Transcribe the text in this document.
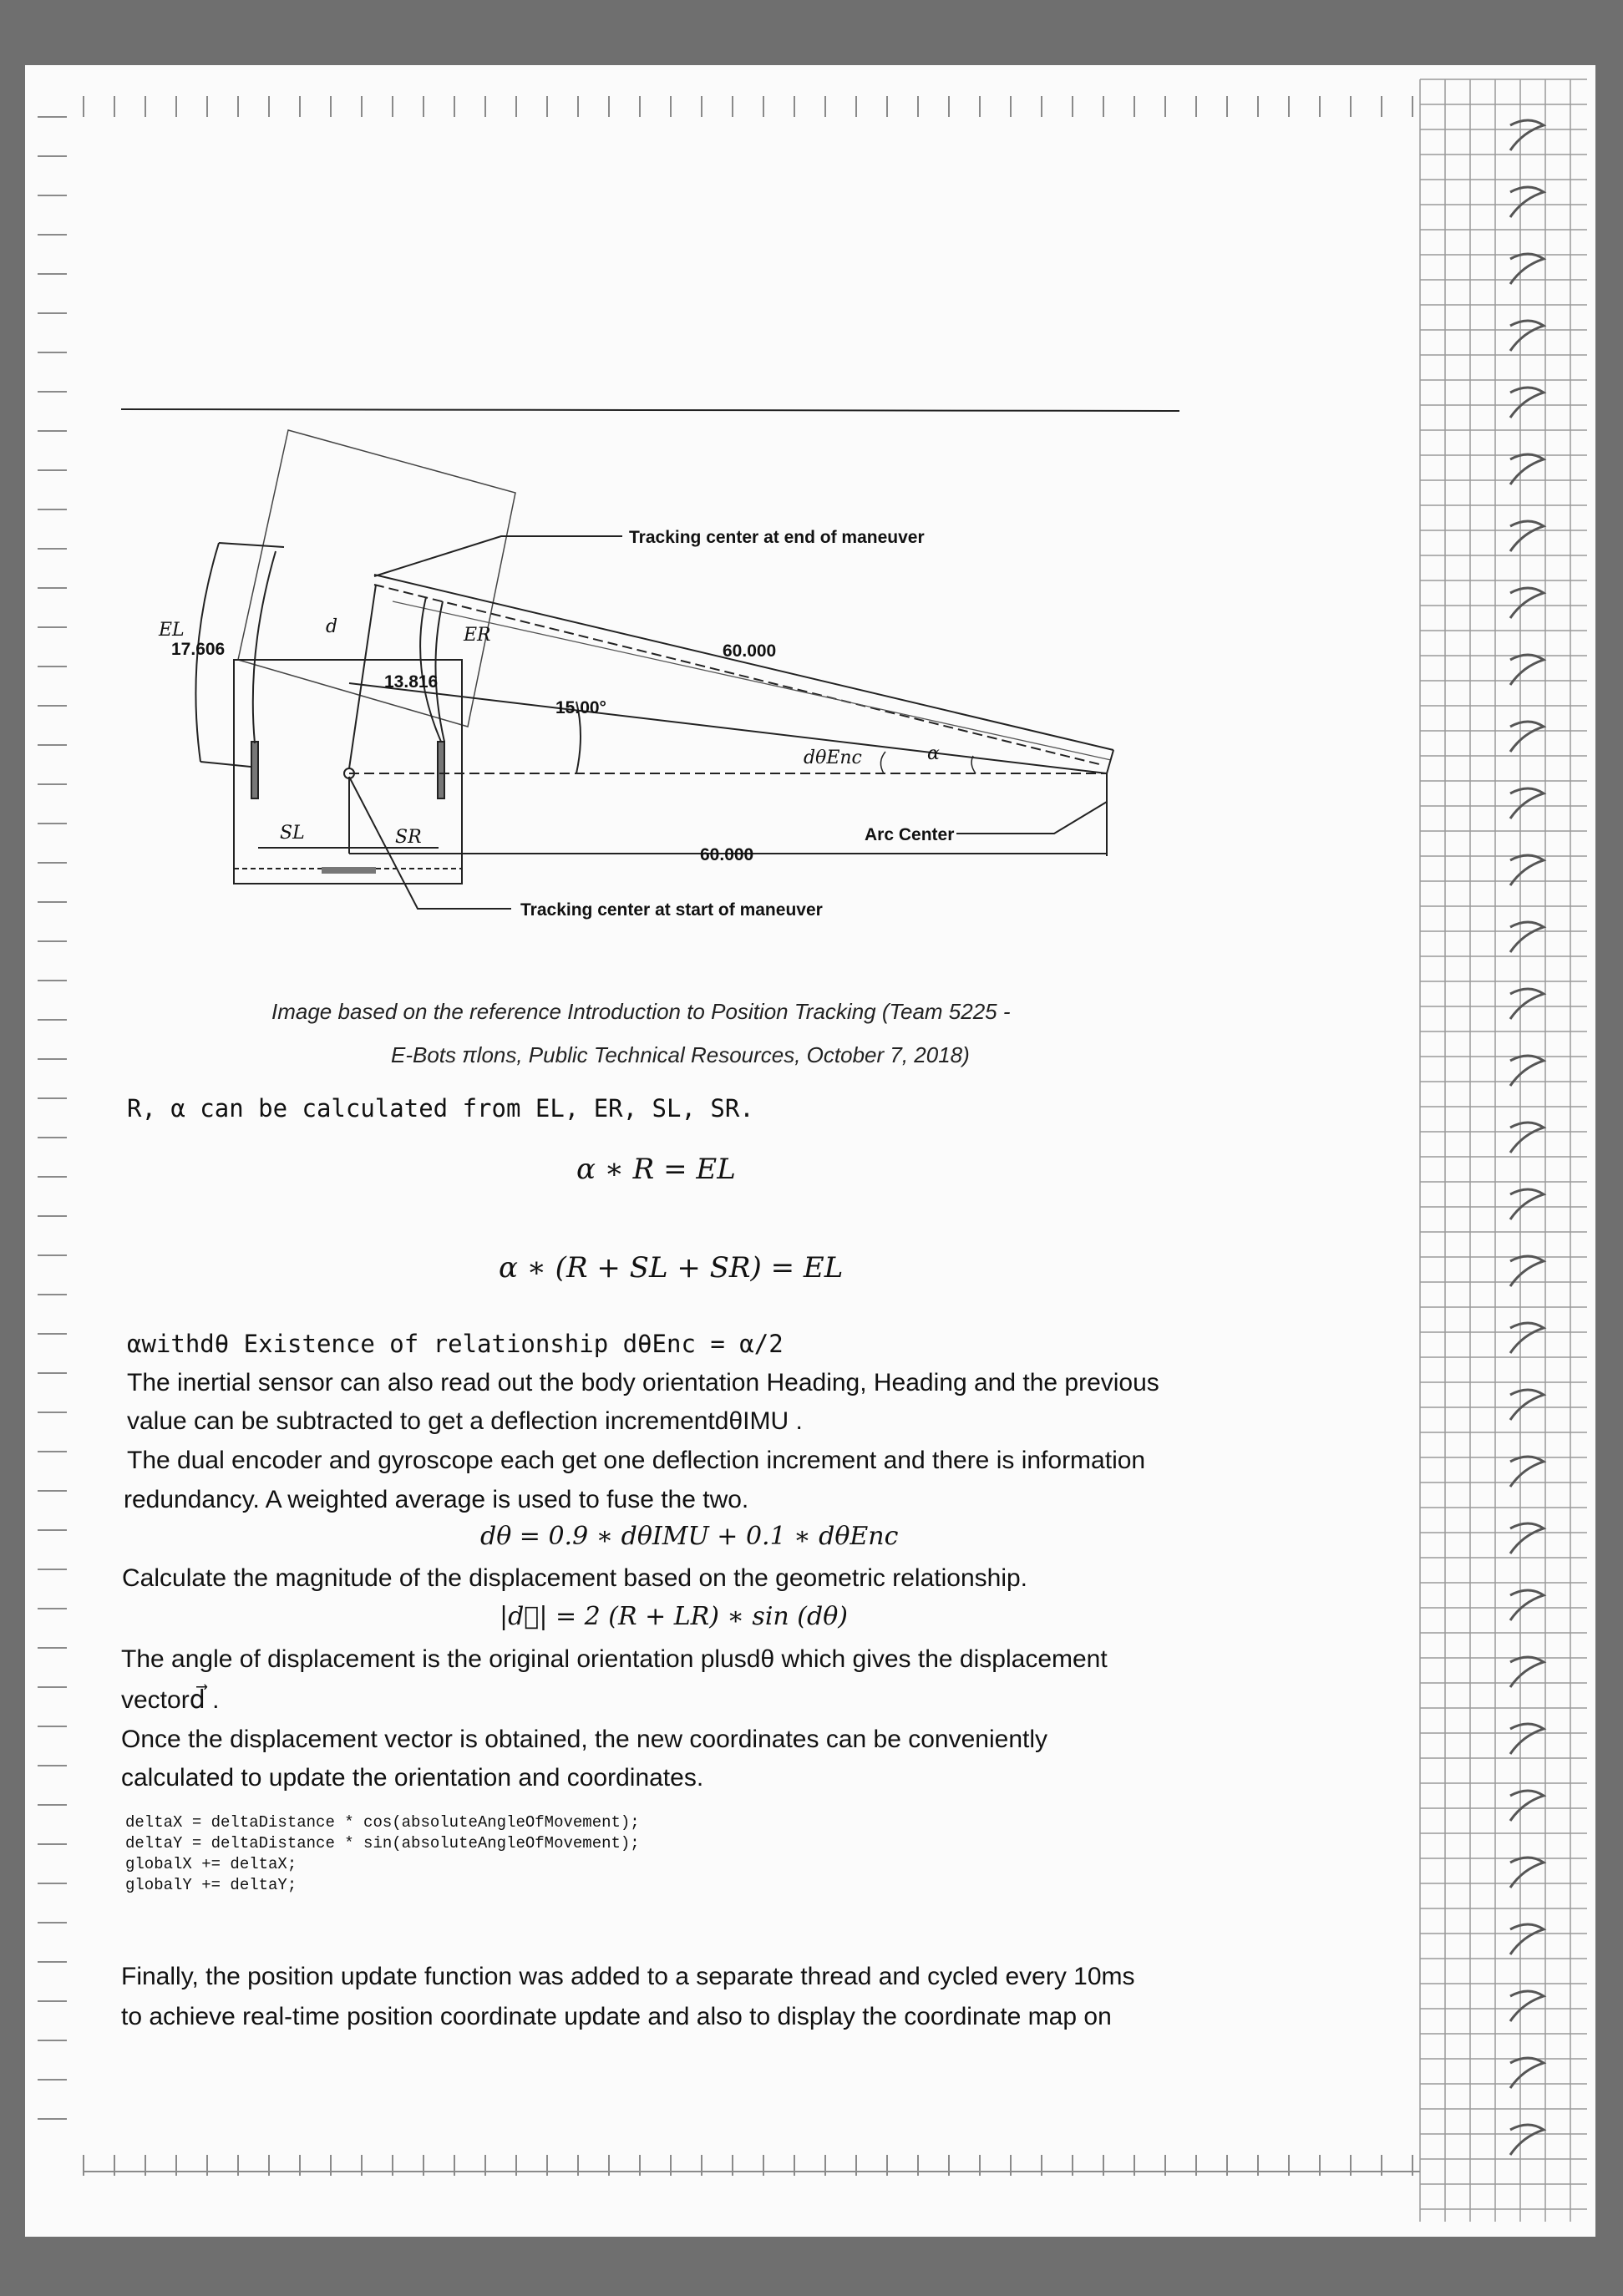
Tracking center at end of maneuver
Tracking center at start of maneuver
Arc Center
60.000
60.000
15.00°
17.606
13.816
EL	ER
d
SL	SR
dθEnc	α
Image based on the reference Introduction to Position Tracking (Team 5225 -
E-Bots πlons, Public Technical Resources, October 7, 2018)
R, α can be calculated from EL, ER, SL, SR.
α ∗ R = EL
α ∗ (R + SL + SR) = EL
αwithdθ Existence of relationship dθEnc = α/2
The inertial sensor can also read out the body orientation Heading, Heading and the previous
value can be subtracted to get a deflection incrementdθIMU .
The dual encoder and gyroscope each get one deflection increment and there is information
redundancy. A weighted average is used to fuse the two.
dθ = 0.9 ∗ dθIMU + 0.1 ∗ dθEnc
Calculate the magnitude of the displacement based on the geometric relationship.
|d⃗| = 2 (R + LR) ∗ sin (dθ)
The angle of displacement is the original orientation plusdθ which gives the displacement
vectord⃗ .
Once the displacement vector is obtained, the new coordinates can be conveniently
calculated to update the orientation and coordinates.
deltaX = deltaDistance * cos(absoluteAngleOfMovement);
deltaY = deltaDistance * sin(absoluteAngleOfMovement);
globalX += deltaX;
globalY += deltaY;
Finally, the position update function was added to a separate thread and cycled every 10ms
to achieve real-time position coordinate update and also to display the coordinate map on
